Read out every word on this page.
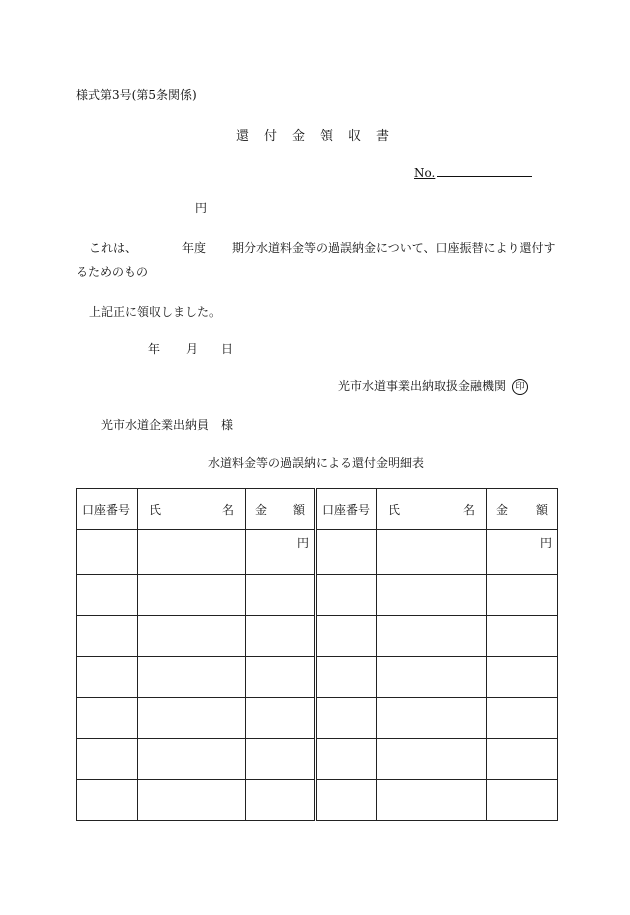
様式第3号(第5条関係)
還付金領収書
No.
円
これは、	年度 期分水道料金等の過誤納金について、口座振替により還付す
るためのもの
上記正に領収しました。
年 月 日
光市水道事業出納取扱金融機関 印
光市水道企業出納員　様
水道料金等の過誤納による還付金明細表
口座番号	氏 名	金 額	口座番号	氏 名	金 額

		円			円
